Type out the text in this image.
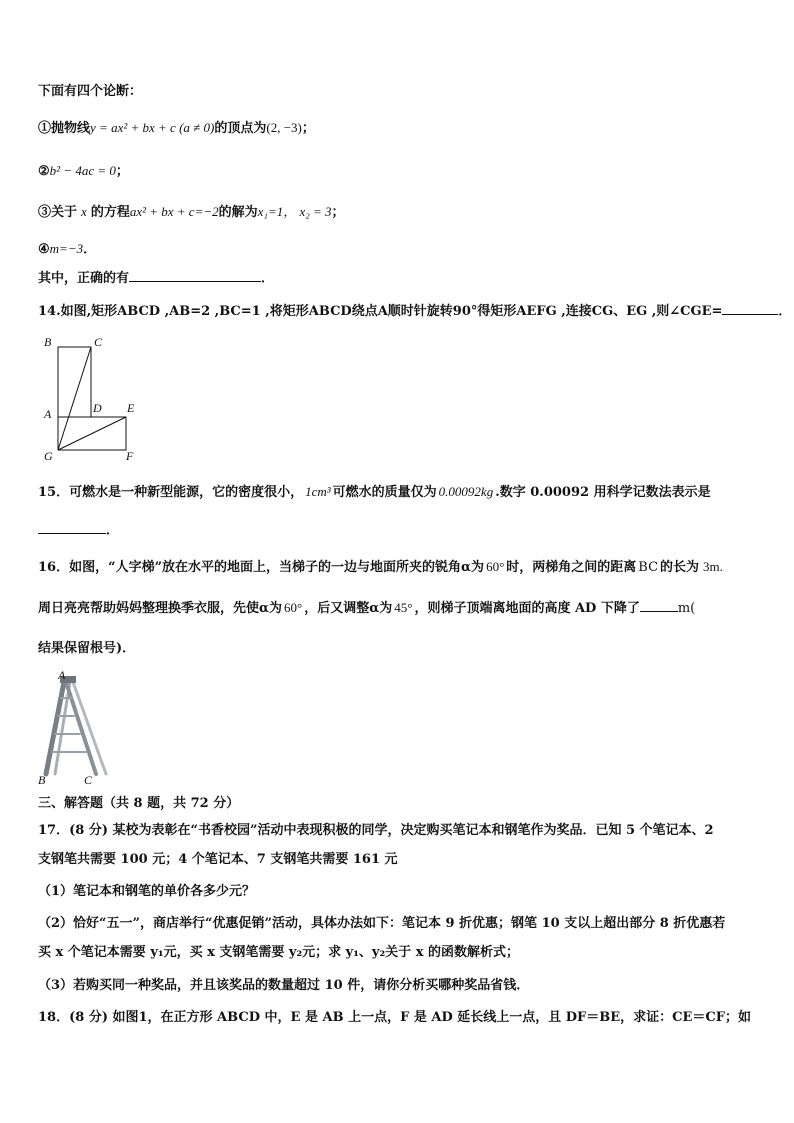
下面有四个论断：
①抛物线y = ax² + bx + c (a ≠ 0)的顶点为(2, −3)；
②b² − 4ac = 0；
③关于 x 的方程ax² + bx + c=−2的解为x₁=1， x₂ = 3；
④m=−3．
其中，正确的有	．
14.如图,矩形ABCD ,AB=2 ,BC=1 ,将矩形ABCD绕点A顺时针旋转90°得矩形AEFG ,连接CG、EG ,则∠CGE=	．
B	C
A	D E
G	F
15．可燃水是一种新型能源，它的密度很小， 1cm³ 可燃水的质量仅为 0.00092kg .数字 0.00092 用科学记数法表示是
．
16．如图，“人字梯”放在水平的地面上，当梯子的一边与地面所夹的锐角α为 60° 时，两梯角之间的距离 BC 的长为 3m.
周日亮亮帮助妈妈整理换季衣服，先使α为 60° ，后又调整α为 45° ，则梯子顶端离地面的高度 AD 下降了	m(
结果保留根号)．
A
B	C
三、解答题（共 8 题，共 72 分）
17．(8 分) 某校为表彰在“书香校园”活动中表现积极的同学，决定购买笔记本和钢笔作为奖品．已知 5 个笔记本、2
支钢笔共需要 100 元；4 个笔记本、7 支钢笔共需要 161 元
（1）笔记本和钢笔的单价各多少元？
（2）恰好“五一”，商店举行“优惠促销”活动，具体办法如下：笔记本 9 折优惠；钢笔 10 支以上超出部分 8 折优惠若
买 x 个笔记本需要 y₁元，买 x 支钢笔需要 y₂元；求 y₁、y₂关于 x 的函数解析式；
（3）若购买同一种奖品，并且该奖品的数量超过 10 件，请你分析买哪种奖品省钱．
18．(8 分) 如图1，在正方形 ABCD 中，E 是 AB 上一点，F 是 AD 延长线上一点，且 DF＝BE，求证：CE＝CF；如
